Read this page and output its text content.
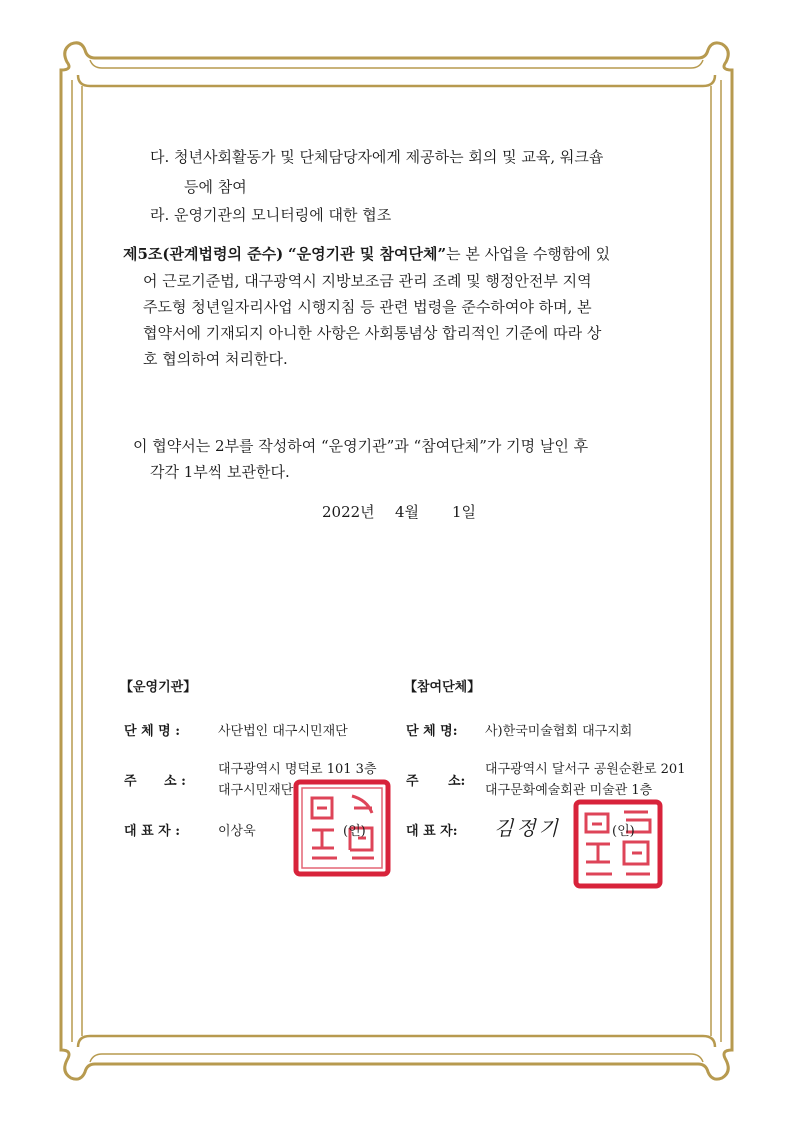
다. 청년사회활동가 및 단체담당자에게 제공하는 회의 및 교육, 워크숍
등에 참여
라. 운영기관의 모니터링에 대한 협조
제5조(관계법령의 준수) “운영기관 및 참여단체”는 본 사업을 수행함에 있
어 근로기준법, 대구광역시 지방보조금 관리 조례 및 행정안전부 지역
주도형 청년일자리사업 시행지침 등 관련 법령을 준수하여야 하며, 본
협약서에 기재되지 아니한 사항은 사회통념상 합리적인 기준에 따라 상
호 협의하여 처리한다.
이 협약서는 2부를 작성하여 “운영기관”과 “참여단체”가 기명 날인 후
각각 1부씩 보관한다.
2022년 4월 1일
【운영기관】
단 체 명 :	사단법인 대구시민재단
주 소 :
대구광역시 명덕로 101 3층
대구시민재단
대 표 자 :	이상욱	(인)
【참여단체】
단 체 명: 사)한국미술협회 대구지회
주 소:
대구광역시 달서구 공원순환로 201
대구문화예술회관 미술관 1층
대 표 자: 김정기	(인)
